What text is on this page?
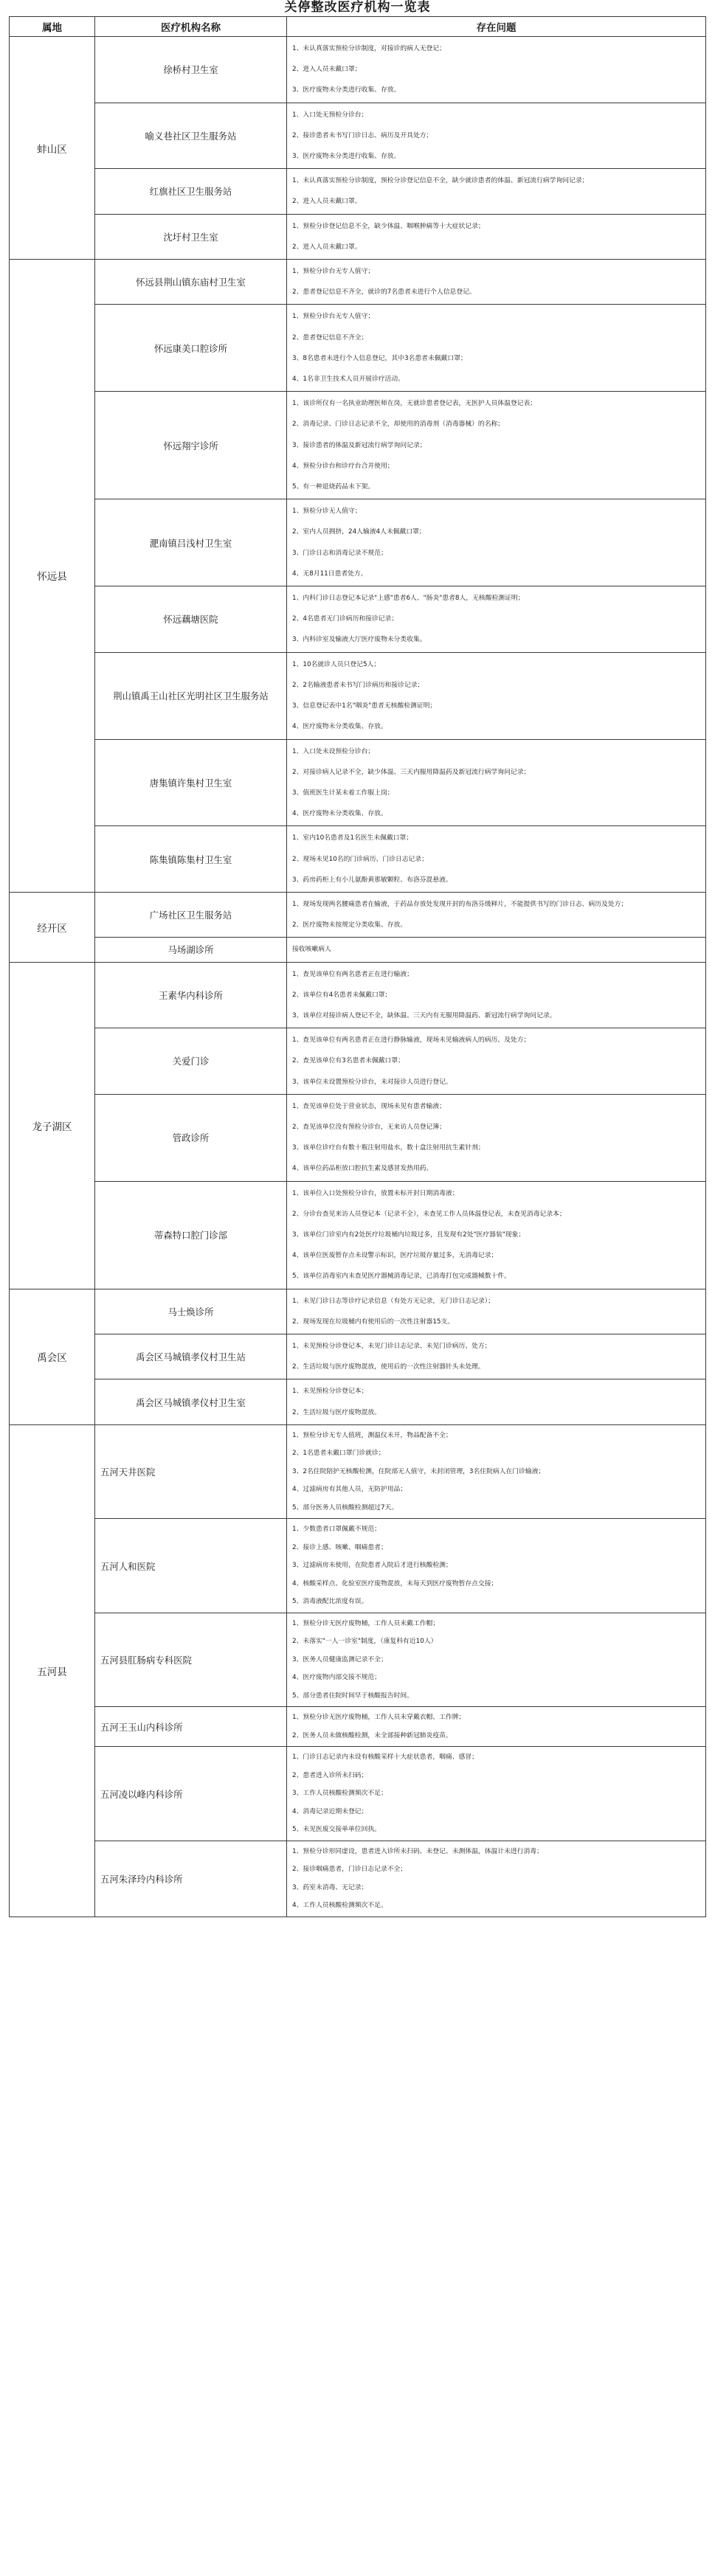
关停整改医疗机构一览表
属地	医疗机构名称	存在问题
蚌山区	徐桥村卫生室	1、未认真落实预检分诊制度，对接诊的病人无登记；
2、进入人员未戴口罩；
3、医疗废物未分类进行收集、存放。

	喻义巷社区卫生服务站	1、入口处无预检分诊台；
2、接诊患者未书写门诊日志、病历及开具处方；
3、医疗废物未分类进行收集、存放。

	红旗社区卫生服务站	1、未认真落实预检分诊制度，预检分诊登记信息不全，缺少就诊患者的体温、新冠流行病学询问记录；
2、进入人员未戴口罩。

	沈圩村卫生室	1、预检分诊登记信息不全，缺少体温、咽喉肿痛等十大症状记录；
2、进入人员未戴口罩。

怀远县	怀远县荆山镇东庙村卫生室	1、预检分诊台无专人值守；
2、患者登记信息不齐全，就诊的7名患者未进行个人信息登记。

	怀远康美口腔诊所	1、预检分诊台无专人值守；
2、患者登记信息不齐全；
3、8名患者未进行个人信息登记，其中3名患者未佩戴口罩；
4、1名非卫生技术人员开展诊疗活动。

	怀远翔宇诊所	1、该诊所仅有一名执业助理医师在岗，无就诊患者登记表，无医护人员体温登记表；
2、消毒记录、门诊日志记录不全，却使用的消毒剂（消毒器械）的名称；
3、接诊患者的体温及新冠流行病学询问记录；
4、预检分诊台和诊疗台合并使用；
5、有一种退烧药品未下架。

	淝南镇吕浅村卫生室	1、预检分诊无人值守；
2、室内人员拥挤，24人输液4人未佩戴口罩；
3、门诊日志和消毒记录不规范；
4、无8月11日患者处方。

	怀远藕塘医院	1、内科门诊日志登记本记录"上感"患者6人、"肠炎"患者8人，无核酸检测证明；
2、4名患者无门诊病历和接诊记录；
3、内科诊室及输液大厅医疗废物未分类收集。

	荆山镇禹王山社区光明社区卫生服务站	1、10名就诊人员只登记5人；
2、2名输液患者未书写门诊病历和接诊记录；
3、信息登记表中1名"咽炎"患者无核酸检测证明；
4、医疗废物未分类收集、存放。

	唐集镇许集村卫生室	1、入口处未设预检分诊台；
2、对接诊病人记录不全，缺少体温、三天内服用降温药及新冠流行病学询问记录；
3、值班医生计某未着工作服上岗；
4、医疗废物未分类收集、存放。

	陈集镇陈集村卫生室	1、室内10名患者及1名医生未佩戴口罩；
2、现场未见10名的门诊病历、门诊日志记录；
3、药房药柜上有小儿氨酚黄那敏颗粒、布洛芬混悬液。

经开区	广场社区卫生服务站	1、现场发现两名腰痛患者在输液，于药品存放处发现开封的布洛芬缓释片，不能提供书写的门诊日志、病历及处方；
2、医疗废物未按规定分类收集、存放。

	马场湖诊所	接收咳嗽病人

龙子湖区	王素华内科诊所	1、查见该单位有两名患者正在进行输液；
2、该单位有4名患者未佩戴口罩；
3、该单位对接诊病人登记不全，缺体温、三天内有无服用降温药、新冠流行病学询问记录。

	关爱门诊	1、查见该单位有两名患者正在进行静脉输液，现场未见输液病人的病历、及处方；
2、查见该单位有3名患者未佩戴口罩；
3、该单位未设置预检分诊台，未对接诊人员进行登记。

	管政诊所	1、查见该单位处于营业状态，现场未见有患者输液；
2、查见该单位没有预检分诊台，无来访人员登记簿；
3、该单位诊疗台有数十瓶注射用盐水，数十盒注射用抗生素针剂；
4、该单位药品柜放口腔抗生素及感冒发热用药。

	蒂森特口腔门诊部	1、该单位入口处预检分诊台，放置未标开封日期消毒液；
2、分诊台查见来访人员登记本（记录不全），未查见工作人员体温登记表，未查见消毒记录本；
3、该单位门诊室内有2处医疗垃圾桶内垃圾过多，且发现有2处"医疗器装"现象；
4、该单位医废暂存点未设警示标识，医疗垃圾存量过多，无消毒记录；
5、该单位消毒室内未查见医疗器械消毒记录，已消毒打包完成器械数十件。

禹会区	马士焕诊所	1、未见门诊日志等诊疗记录信息（有处方无记录，无门诊日志记录）；
2、现场发现在垃圾桶内有使用后的一次性注射器15支。

	禹会区马城镇孝仪村卫生站	1、未见预检分诊登记本，未见门诊日志记录、未见门诊病历、处方；
2、生活垃圾与医疗废物混放，使用后的一次性注射器针头未处理。

	禹会区马城镇孝仪村卫生室	1、未见预检分诊登记本；
2、生活垃圾与医疗废物混放。

五河县	五河天井医院	1、预检分诊无专人值班，测温仪未开，物品配备不全；
2、1名患者未戴口罩门诊就诊；
3、2名住院陪护无核酸检测，住院部无人值守，未封闭管理，3名住院病人在门诊输液；
4、过滤病房有其他人员，无防护用品；
5、部分医务人员核酸检测超过7天。

	五河人和医院	1、少数患者口罩佩戴不规范；
2、接诊上感、咳嗽、咽痛患者；
3、过滤病房未使用，在院患者入院后才进行核酸检测；
4、核酸采样点、化验室医疗废物混放，未每天到医疗废物暂存点交接；
5、消毒液配比浓度有误。

	五河县肛肠病专科医院	1、预检分诊无医疗废物桶，工作人员未戴工作帽；
2、未落实"一人一诊室"制度，（康复科有近10人）
3、医务人员健康监测记录不全；
4、医疗废物内部交接不规范；
5、部分患者住院时间早于核酸报告时间。

	五河王玉山内科诊所	1、预检分诊无医疗废物桶，工作人员未穿戴衣帽、工作牌；
2、医务人员未做核酸检测，未全部接种新冠肺炎疫苗。

	五河凌以峰内科诊所	1、门诊日志记录内未设有核酸采样十大症状患者，咽痛、感冒；
2、患者进入诊所未扫码；
3、工作人员核酸检测频次不足；
4、消毒记录近期未登记；
5、未见医废交接单单位回执。

	五河朱泽玲内科诊所	1、预检分诊形同虚设，患者进入诊所未扫码、未登记、未测体温，体温计未进行消毒；
2、接诊咽痛患者，门诊日志记录不全；
3、药室未消毒、无记录；
4、工作人员核酸检测频次不足。
